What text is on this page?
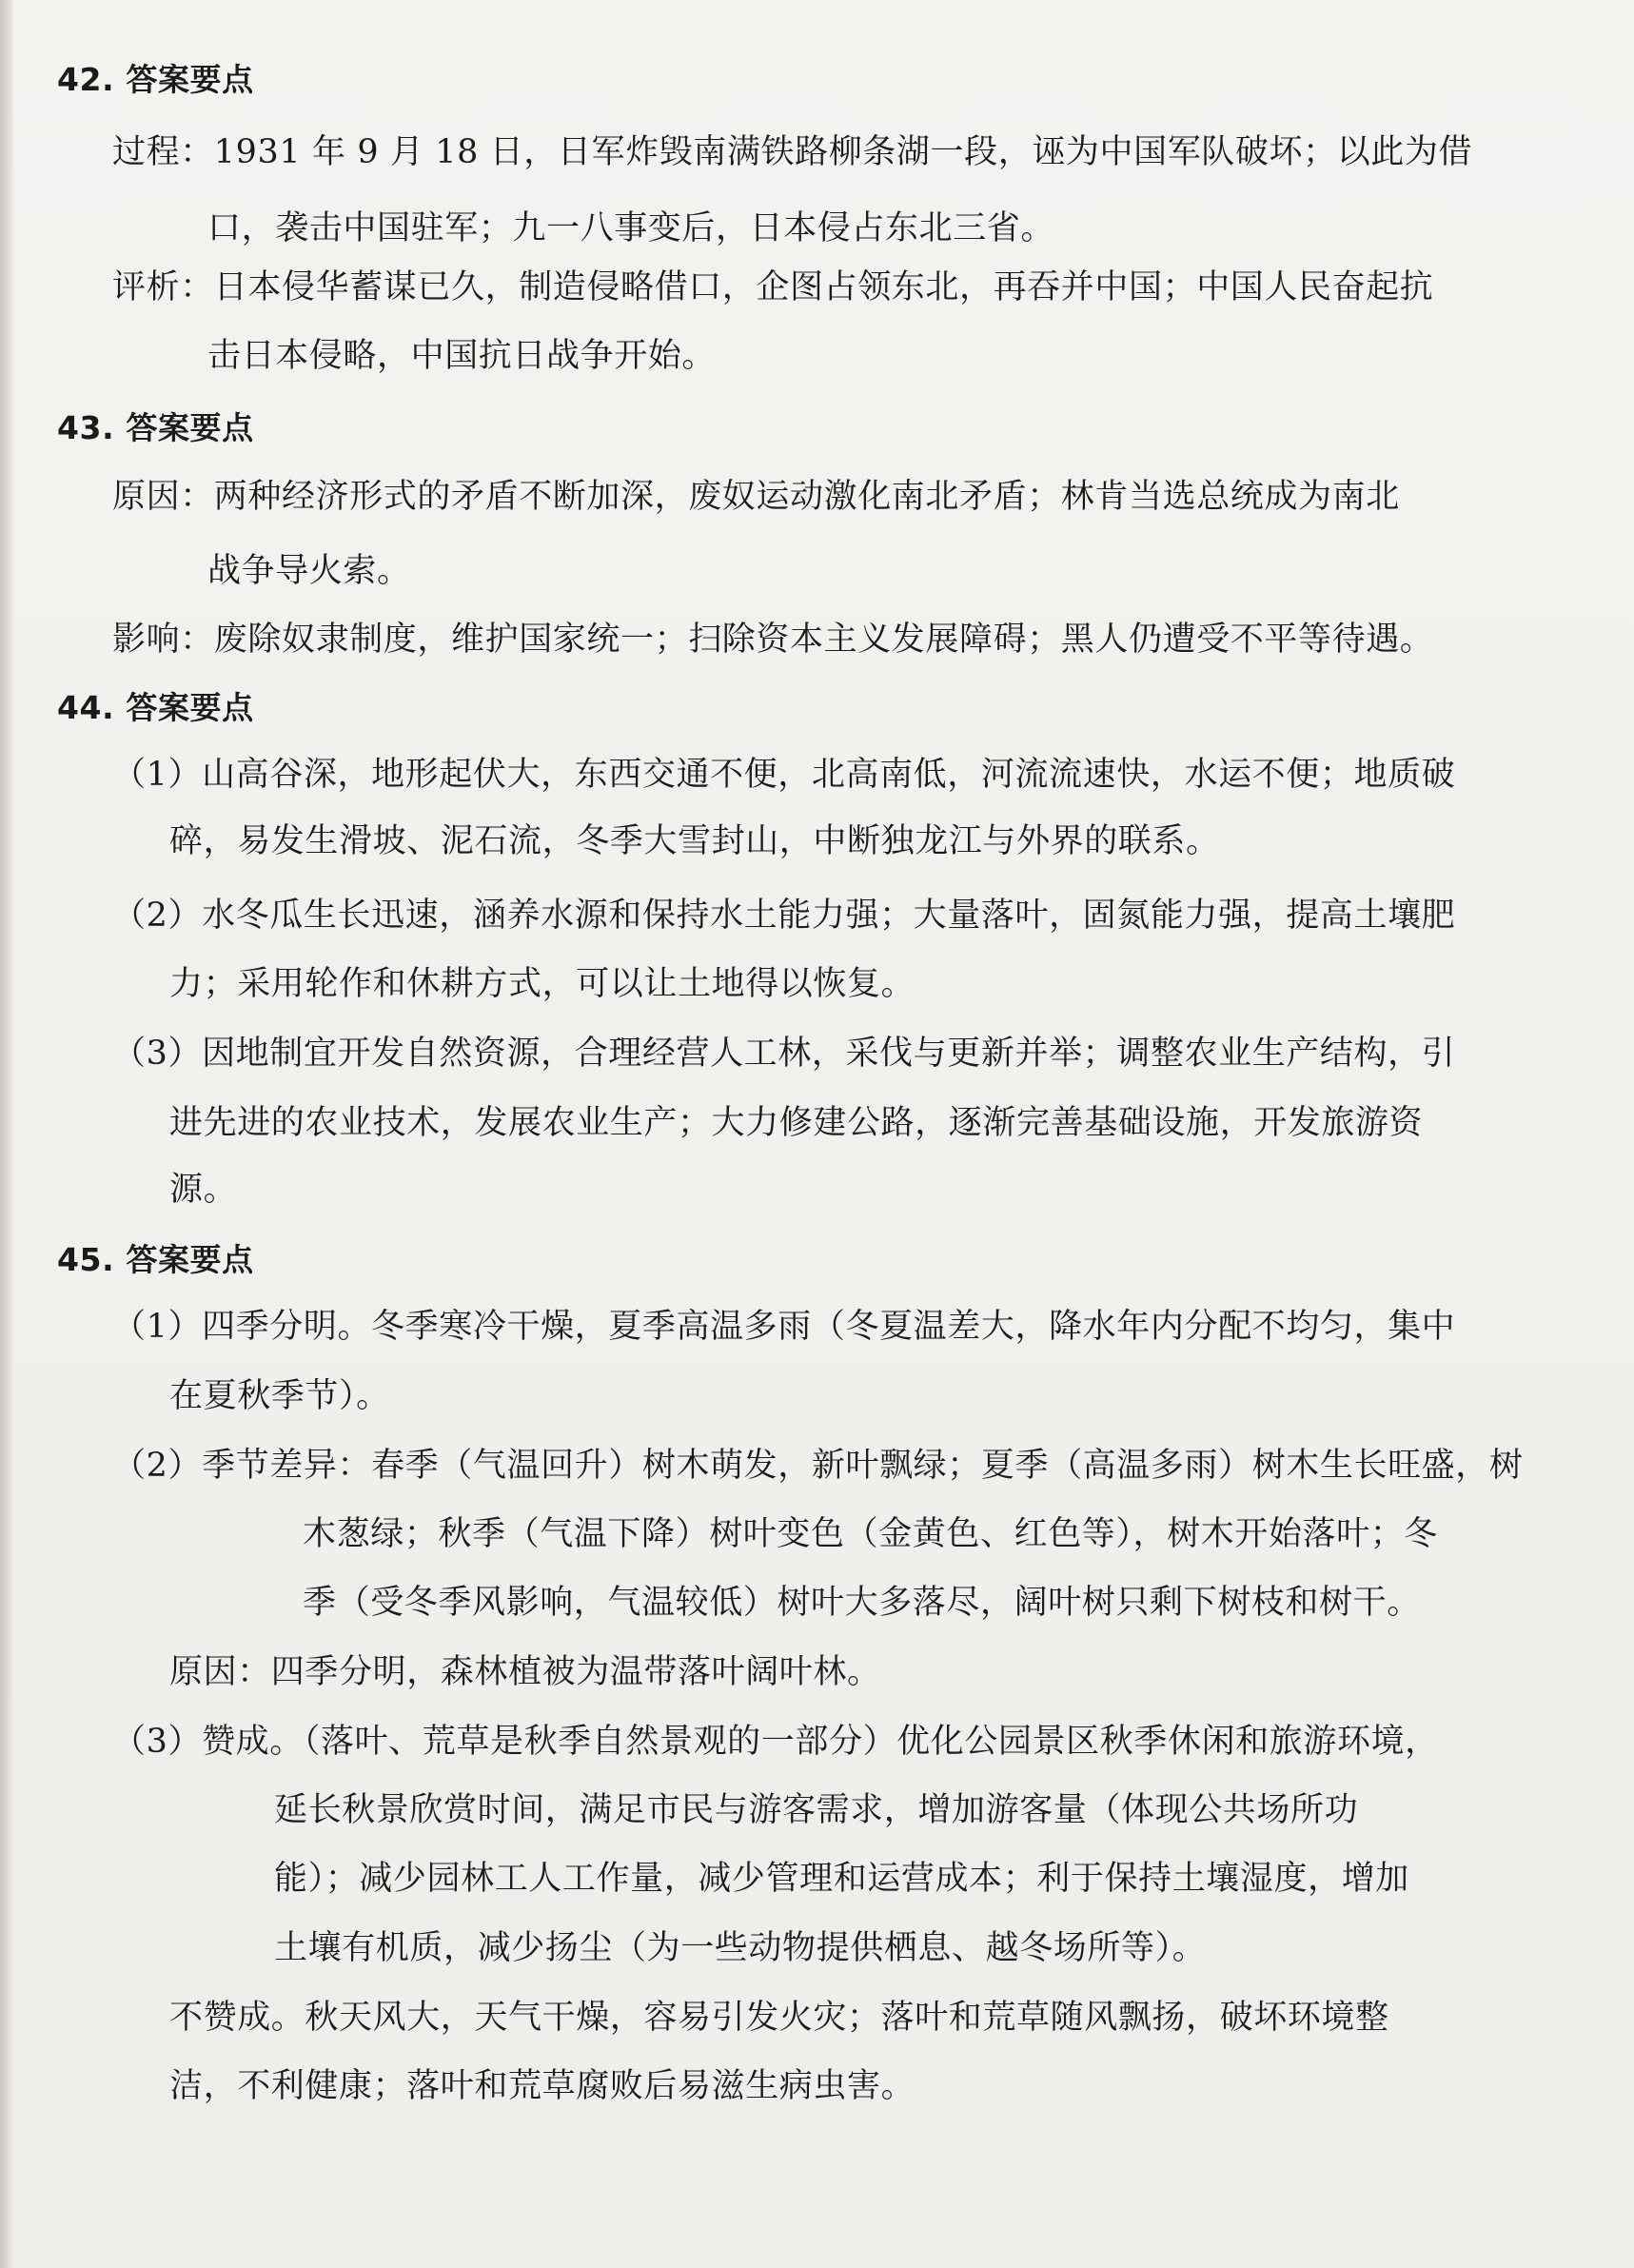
42. 答案要点
过程：1931 年 9 月 18 日，日军炸毁南满铁路柳条湖一段，诬为中国军队破坏；以此为借
口，袭击中国驻军；九一八事变后，日本侵占东北三省。
评析：日本侵华蓄谋已久，制造侵略借口，企图占领东北，再吞并中国；中国人民奋起抗
击日本侵略，中国抗日战争开始。
43. 答案要点
原因：两种经济形式的矛盾不断加深，废奴运动激化南北矛盾；林肯当选总统成为南北
战争导火索。
影响：废除奴隶制度，维护国家统一；扫除资本主义发展障碍；黑人仍遭受不平等待遇。
44. 答案要点
（1）山高谷深，地形起伏大，东西交通不便，北高南低，河流流速快，水运不便；地质破
碎，易发生滑坡、泥石流，冬季大雪封山，中断独龙江与外界的联系。
（2）水冬瓜生长迅速，涵养水源和保持水土能力强；大量落叶，固氮能力强，提高土壤肥
力；采用轮作和休耕方式，可以让土地得以恢复。
（3）因地制宜开发自然资源，合理经营人工林，采伐与更新并举；调整农业生产结构，引
进先进的农业技术，发展农业生产；大力修建公路，逐渐完善基础设施，开发旅游资
源。
45. 答案要点
（1）四季分明。冬季寒冷干燥，夏季高温多雨（冬夏温差大，降水年内分配不均匀，集中
在夏秋季节）。
（2）季节差异：春季（气温回升）树木萌发，新叶飘绿；夏季（高温多雨）树木生长旺盛，树
木葱绿；秋季（气温下降）树叶变色（金黄色、红色等），树木开始落叶；冬
季（受冬季风影响，气温较低）树叶大多落尽，阔叶树只剩下树枝和树干。
原因：四季分明，森林植被为温带落叶阔叶林。
（3）赞成。（落叶、荒草是秋季自然景观的一部分）优化公园景区秋季休闲和旅游环境，
延长秋景欣赏时间，满足市民与游客需求，增加游客量（体现公共场所功
能）；减少园林工人工作量，减少管理和运营成本；利于保持土壤湿度，增加
土壤有机质，减少扬尘（为一些动物提供栖息、越冬场所等）。
不赞成。秋天风大，天气干燥，容易引发火灾；落叶和荒草随风飘扬，破坏环境整
洁，不利健康；落叶和荒草腐败后易滋生病虫害。
